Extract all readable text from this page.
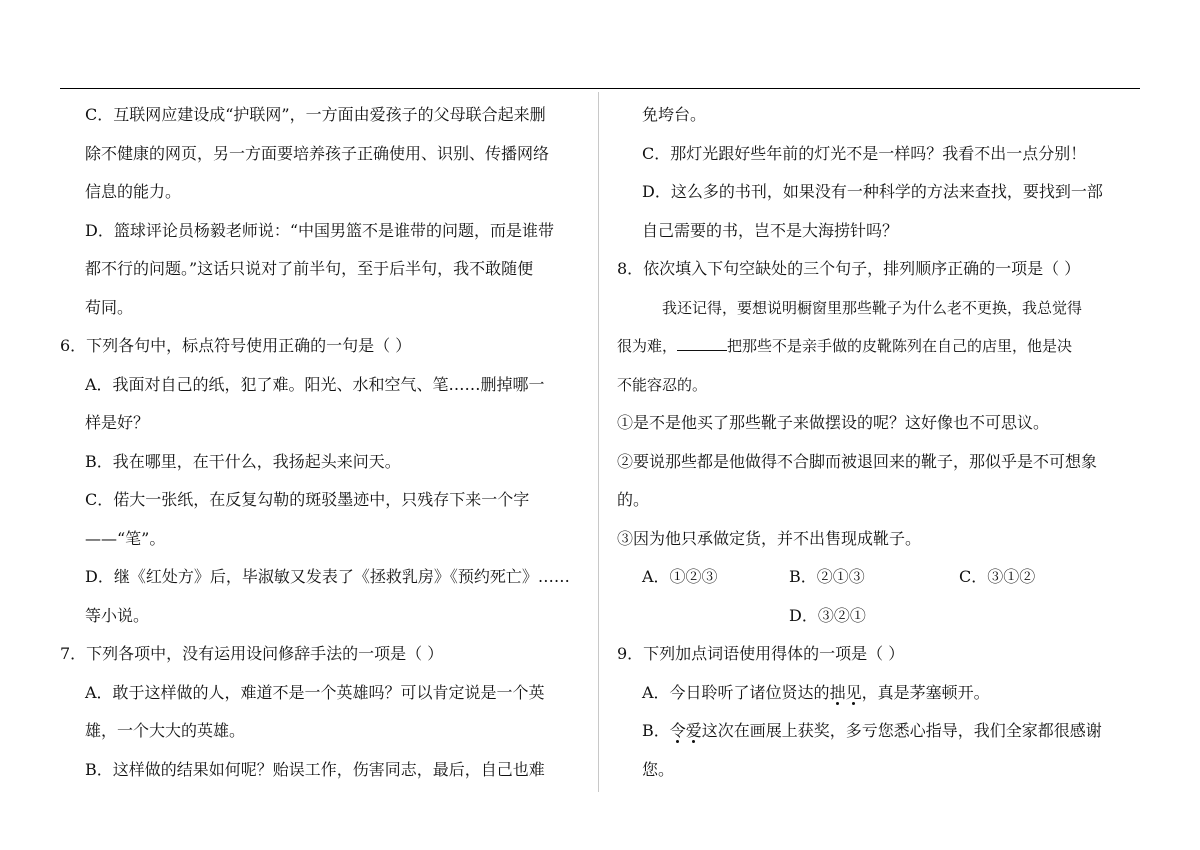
C．互联网应建设成“护联网”，一方面由爱孩子的父母联合起来删
除不健康的网页，另一方面要培养孩子正确使用、识别、传播网络
信息的能力。
D．篮球评论员杨毅老师说：“中国男篮不是谁带的问题，而是谁带
都不行的问题。”这话只说对了前半句，至于后半句，我不敢随便
苟同。
6．下列各句中，标点符号使用正确的一句是（ ）
A．我面对自己的纸，犯了难。阳光、水和空气、笔……删掉哪一
样是好？
B．我在哪里，在干什么，我扬起头来问天。
C．偌大一张纸，在反复勾勒的斑驳墨迹中，只残存下来一个字
——“笔”。
D．继《红处方》后，毕淑敏又发表了《拯救乳房》《预约死亡》……
等小说。
7．下列各项中，没有运用设问修辞手法的一项是（ ）
A．敢于这样做的人，难道不是一个英雄吗？可以肯定说是一个英
雄，一个大大的英雄。
B．这样做的结果如何呢？贻误工作，伤害同志，最后，自己也难
免垮台。
C．那灯光跟好些年前的灯光不是一样吗？我看不出一点分别！
D．这么多的书刊，如果没有一种科学的方法来查找，要找到一部
自己需要的书，岂不是大海捞针吗？
8．依次填入下句空缺处的三个句子，排列顺序正确的一项是（ ）
我还记得，要想说明橱窗里那些靴子为什么老不更换，我总觉得
很为难，	把那些不是亲手做的皮靴陈列在自己的店里，他是决
不能容忍的。
①是不是他买了那些靴子来做摆设的呢？这好像也不可思议。
②要说那些都是他做得不合脚而被退回来的靴子，那似乎是不可想象
的。
③因为他只承做定货，并不出售现成靴子。
A．①②③	B．②①③	C．③①②
D．③②①
9．下列加点词语使用得体的一项是（ ）
A．今日聆听了诸位贤达的拙见，真是茅塞顿开。
B．令爱这次在画展上获奖，多亏您悉心指导，我们全家都很感谢
您。
